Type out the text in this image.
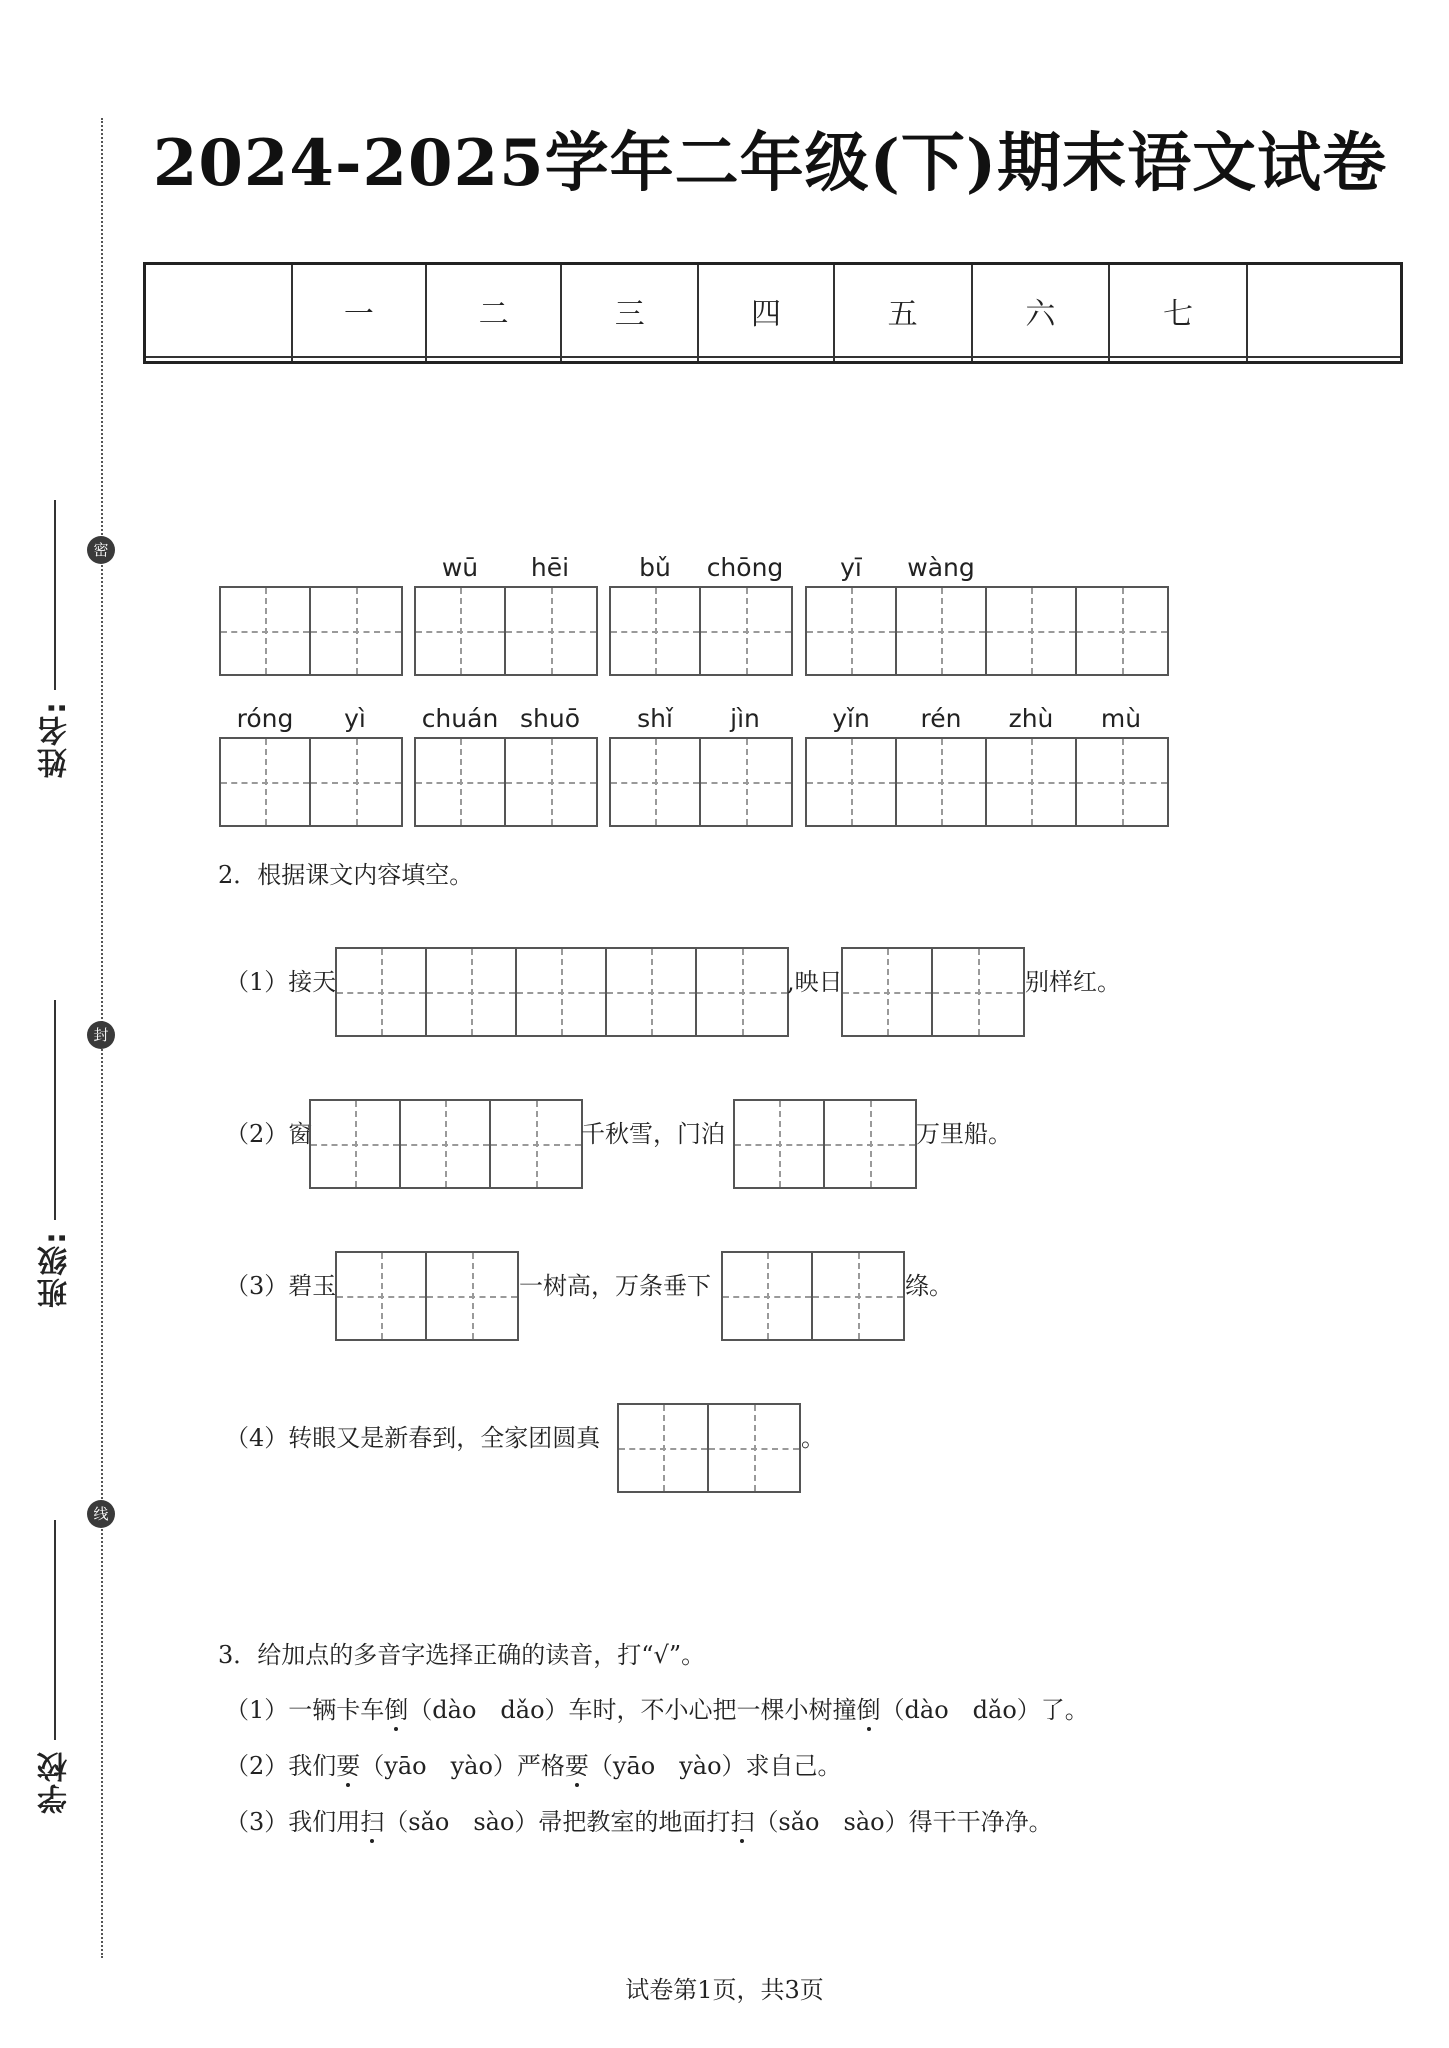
密
封
线
姓名:
班级:
学校
2024-2025学年二年级(下)期末语文试卷
	一	二	三	四	五	六	七	

wū	hēi	bǔ	chōng	yī	wàng
róng	yì	chuán shuō	shǐ	jìn	yǐn	rén	zhù	mù
2．根据课文内容填空。
（1）接天	,映日	别样红。
（2）窗	千秋雪，门泊	万里船。
（3）碧玉	一树高，万条垂下	绦。
（4）转眼又是新春到，全家团圆真	。
3．给加点的多音字选择正确的读音，打“√”。
（1）一辆卡车倒（dào　dǎo）车时，不小心把一棵小树撞倒（dào　dǎo）了。
（2）我们要（yāo　yào）严格要（yāo　yào）求自己。
（3）我们用扫（sǎo　sào）帚把教室的地面打扫（sǎo　sào）得干干净净。
试卷第1页，共3页
